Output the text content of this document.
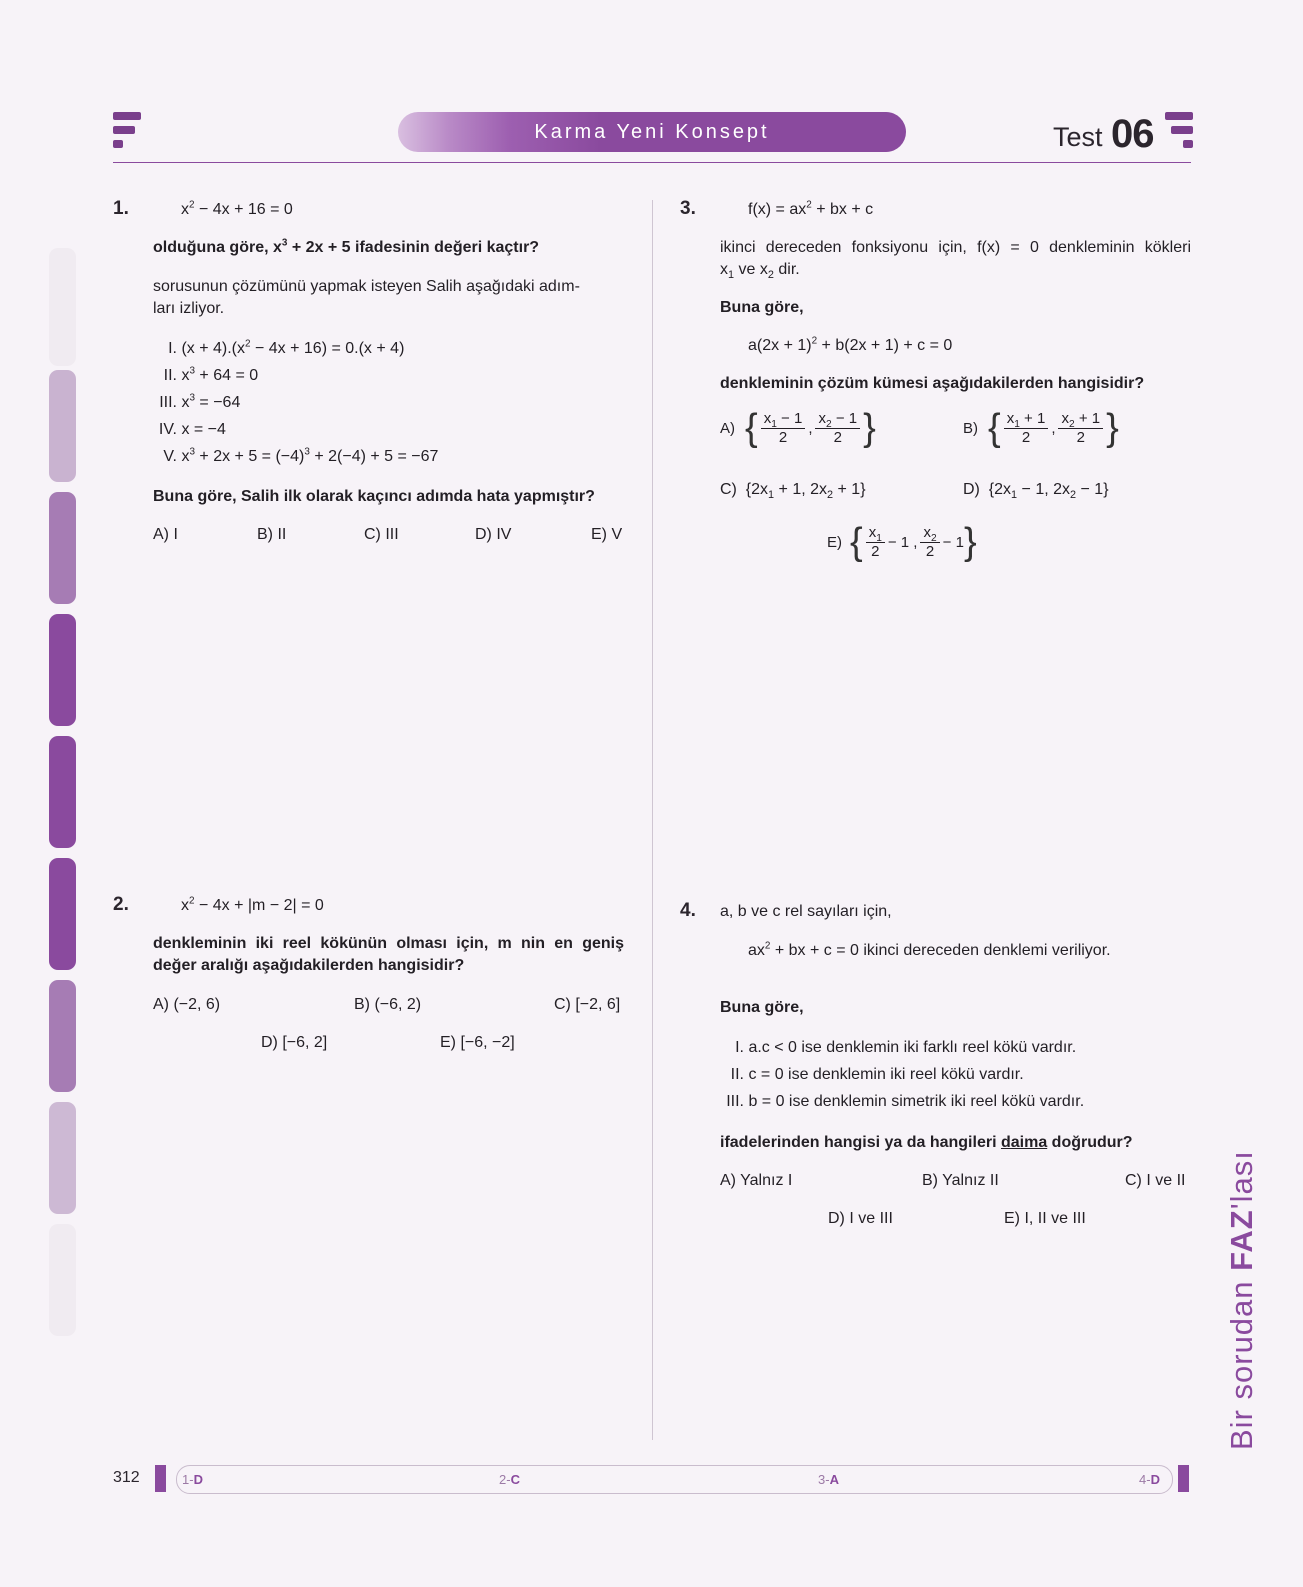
Karma Yeni Konsept	Test 06
1.	$x^2 - 4x + 16 = 0$
olduğuna göre, $x^3 + 2x + 5$ ifadesinin değeri kaçtır?
sorusunun çözümünü yapmak isteyen Salih aşağıdaki adım-
ları izliyor.
I. $(x + 4).(x^2 - 4x + 16) = 0.(x + 4)$
II. $x^3 + 64 = 0$
III. $x^3 = -64$
IV. x = −4
V. $x^3 + 2x + 5 = (-4)^3 + 2(-4) + 5 = -67$
Buna göre, Salih ilk olarak kaçıncı adımda hata yapmıştır?
A) I	B) II	C) III	D) IV	E) V
2.	$x^2 - 4x + |m - 2| = 0$
denkleminin iki reel kökünün olması için, m nin en geniş
değer aralığı aşağıdakilerden hangisidir?
A) (−2, 6)	B) (−6, 2)	C) [−2, 6]
D) [−6, 2]	E) [−6, −2]
3.	$f(x) = ax^2$ + bx + c
ikinci dereceden fonksiyonu için, f(x) = 0 denkleminin kökleri
$x_1$ ve $x_2$ dir.
Buna göre,
$a(2x + 1)^2 + b(2x + 1) + c = 0$
denkleminin çözüm kümesi aşağıdakilerden hangisidir?
A) { $\frac{x_1 - 1}{2}$ , $\frac{x_2 - 1}{2}$ }	B) { $\frac{x_1 + 1}{2}$ , $\frac{x_2 + 1}{2}$ }
C)  {$2x_1 + 1$, $2x_2 + 1$}	D)  {$2x_1 - 1$, $2x_2 - 1$}
E) { $\frac{x_1}{2} - 1$ , $\frac{x_2}{2} - 1$ }
4. a, b ve c rel sayıları için,
$ax^2$ + bx + c = 0 ikinci dereceden denklemi veriliyor.
Buna göre,
I. a.c < 0 ise denklemin iki farklı reel kökü vardır.
II. c = 0 ise denklemin iki reel kökü vardır.
III. b = 0 ise denklemin simetrik iki reel kökü vardır.
ifadelerinden hangisi ya da hangileri daima doğrudur?
A) Yalnız I	B) Yalnız II	C) I ve II
D) I ve III	E) I, II ve III
Bir sorudan FAZ'lası
312	1-D	2-C	3-A	4-D
